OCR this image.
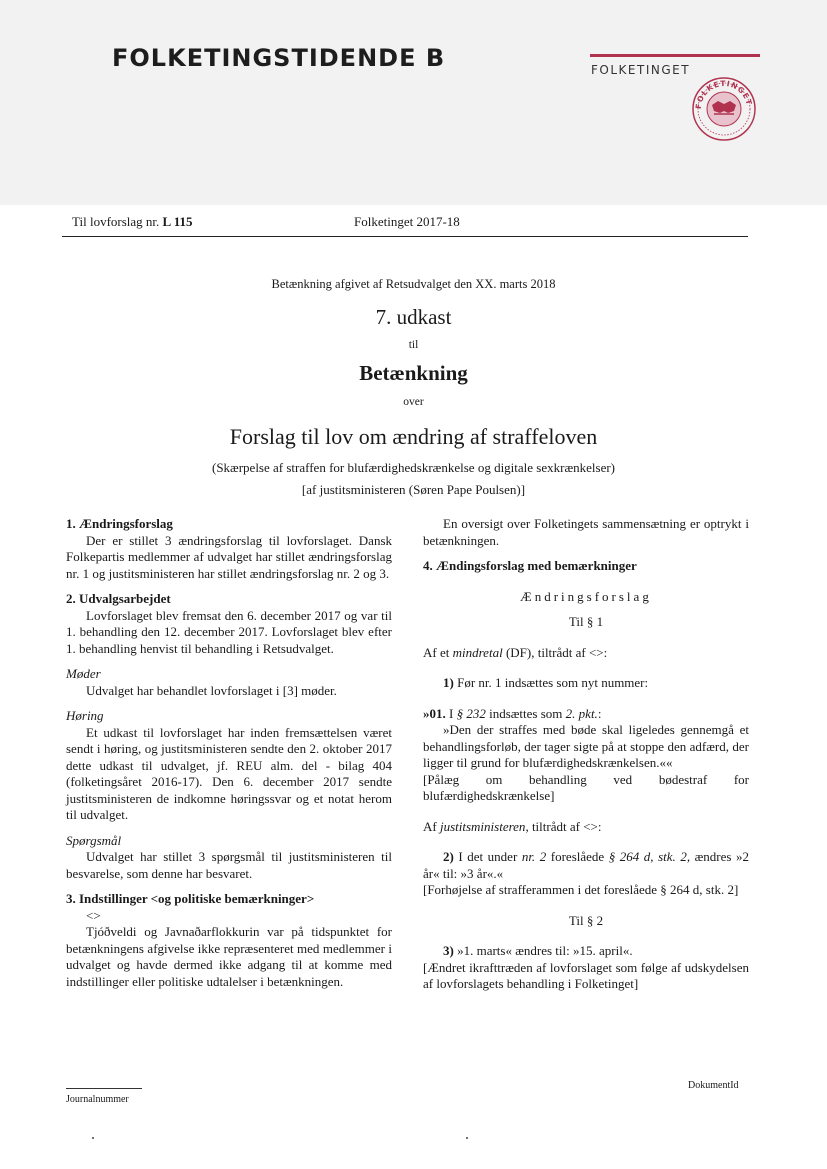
FOLKETINGSTIDENDE B	FOLKETINGET
FOLKETINGET
Til lovforslag nr. L 115	Folketinget 2017-18
Betænkning afgivet af Retsudvalget den XX. marts 2018
7. udkast
til
Betænkning
over
Forslag til lov om ændring af straffeloven
(Skærpelse af straffen for blufærdighedskrænkelse og digitale sexkrænkelser)
[af justitsministeren (Søren Pape Poulsen)]

1. Ændringsforslag

Der er stillet 3 ændringsforslag til lovforslaget. Dansk Folkepartis medlemmer af udvalget har stillet ændringsforslag nr. 1 og justitsministeren har stillet ændringsforslag nr. 2 og 3.

2. Udvalgsarbejdet

Lovforslaget blev fremsat den 6. december 2017 og var til 1. behandling den 12. december 2017. Lovforslaget blev efter 1. behandling henvist til behandling i Retsudvalget.

Møder

Udvalget har behandlet lovforslaget i [3] møder.

Høring

Et udkast til lovforslaget har inden fremsættelsen været sendt i høring, og justitsministeren sendte den 2. oktober 2017 dette udkast til udvalget, jf. REU alm. del - bilag 404 (folketingsåret 2016-17). Den 6. december 2017 sendte justitsministeren de indkomne høringssvar og et notat herom til udvalget.

Spørgsmål

Udvalget har stillet 3 spørgsmål til justitsministeren til besvarelse, som denne har besvaret.

3. Indstillinger <og politiske bemærkninger>

<>

Tjóðveldi og Javnaðarflokkurin var på tidspunktet for betænkningens afgivelse ikke repræsenteret med medlemmer i udvalget og havde dermed ikke adgang til at komme med indstillinger eller politiske udtalelser i betænkningen.

En oversigt over Folketingets sammensætning er optrykt i betænkningen.

4. Ændingsforslag med bemærkninger

Ændringsforslag

Til § 1

Af et mindretal (DF), tiltrådt af <>:

1) Før nr. 1 indsættes som nyt nummer:

»01. I § 232 indsættes som 2. pkt.:

»Den der straffes med bøde skal ligeledes gennemgå et behandlingsforløb, der tager sigte på at stoppe den adfærd, der ligger til grund for blufærdighedskrænkelsen.««

[Pålæg om behandling ved bødestraf for blufærdighedskrænkelse]

Af justitsministeren, tiltrådt af <>:

2) I det under nr. 2 foreslåede § 264 d, stk. 2, ændres »2 år« til: »3 år«.«

[Forhøjelse af strafferammen i det foreslåede § 264 d, stk. 2]

Til § 2

3) »1. marts« ændres til: »15. april«.

[Ændret ikrafttræden af lovforslaget som følge af udskydelsen af lovforslagets behandling i Folketinget]

Journalnummer
DokumentId
